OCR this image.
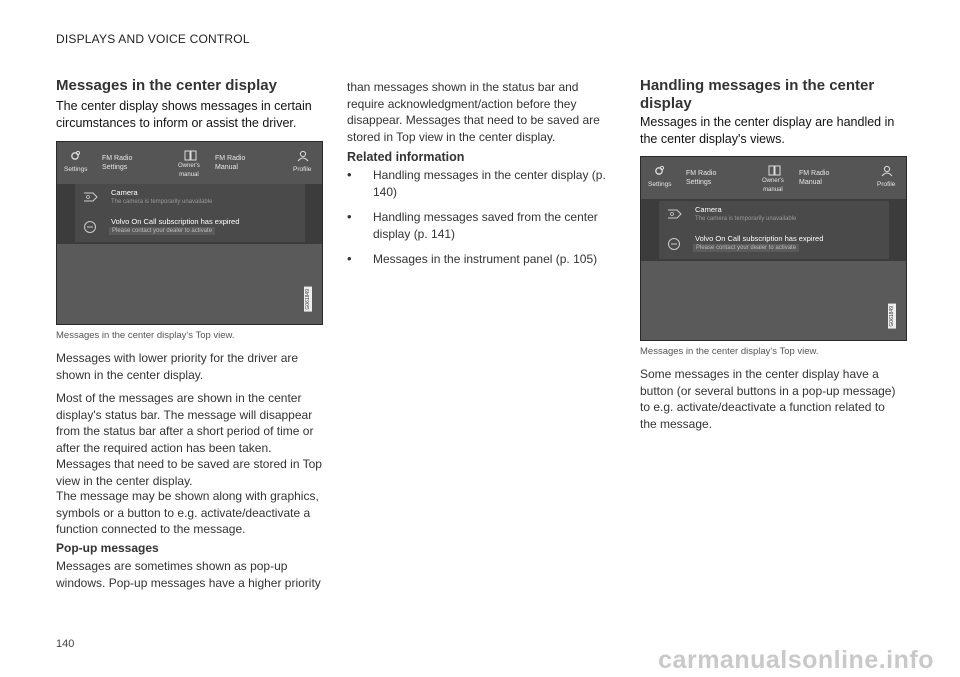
DISPLAYS AND VOICE CONTROL
Messages in the center display

The center display shows messages in certain circumstances to inform or assist the driver.

Settings
FM Radio
Settings	Owner's
manual
FM Radio
Manual	Profile
Camera
The camera is temporarily unavailable
Volvo On Call subscription has expired
Please contact your dealer to activate
G061849
Messages in the center display's Top view.

Messages with lower priority for the driver are shown in the center display.

Most of the messages are shown in the center display's status bar. The message will disappear from the status bar after a short period of time or after the required action has been taken. Messages that need to be saved are stored in Top view in the center display.

The message may be shown along with graphics, symbols or a button to e.g. activate/deactivate a function connected to the message.

Pop-up messages

Messages are sometimes shown as pop-up windows. Pop-up messages have a higher priority

than messages shown in the status bar and require acknowledgment/action before they disappear. Messages that need to be saved are stored in Top view in the center display.

Related information
• Handling messages in the center display (p. 140)
• Handling messages saved from the center display (p. 141)
• Messages in the instrument panel (p. 105)
Handling messages in the center display

Messages in the center display are handled in the center display's views.

Settings
FM Radio
Settings	Owner's
manual
FM Radio
Manual	Profile
Camera
The camera is temporarily unavailable
Volvo On Call subscription has expired
Please contact your dealer to activate
G061849
Messages in the center display's Top view.

Some messages in the center display have a button (or several buttons in a pop-up message) to e.g. activate/deactivate a function related to the message.

140
carmanualsonline.info
